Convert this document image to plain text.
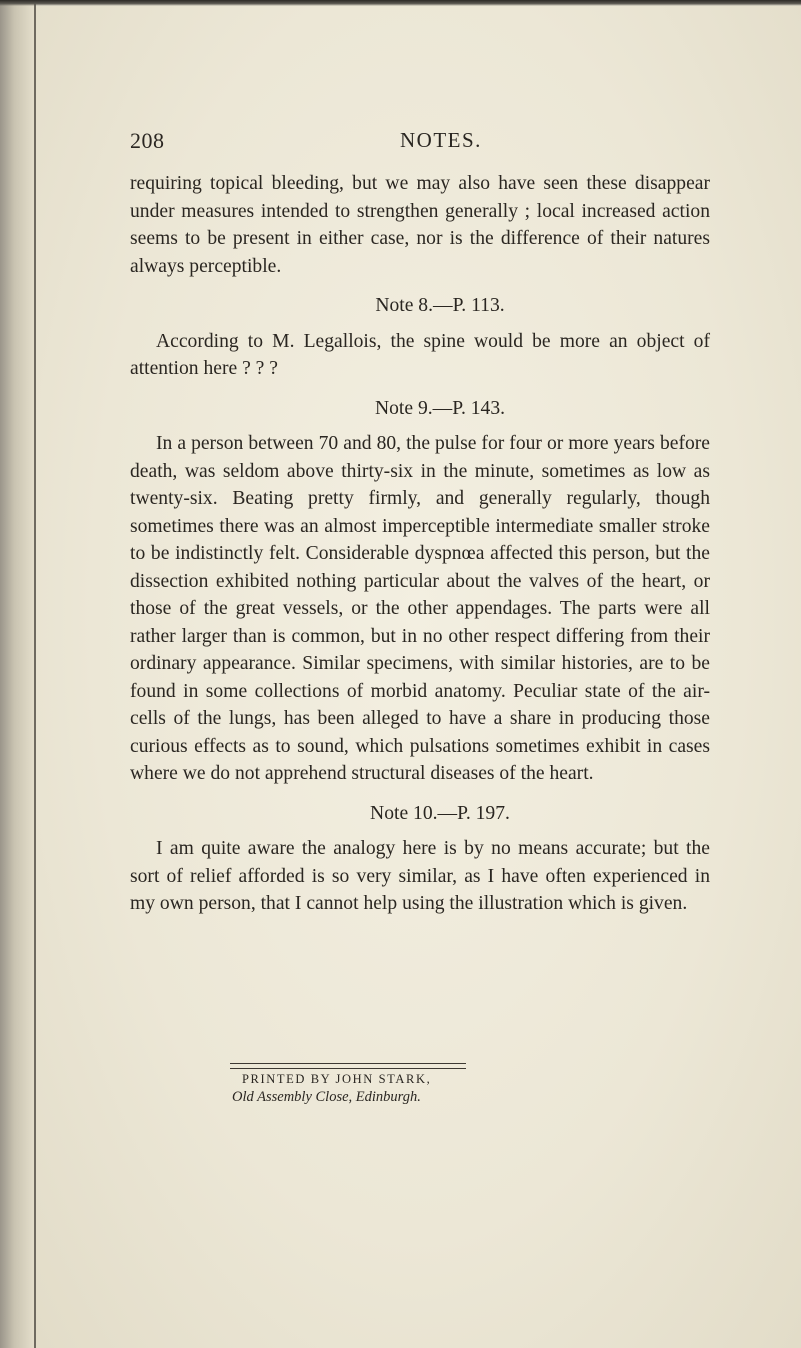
208	NOTES.

requiring topical bleeding, but we may also have seen these disappear under measures intended to strengthen generally ; local increased action seems to be present in either case, nor is the difference of their natures always perceptible.

Note 8.—P. 113.

According to M. Legallois, the spine would be more an object of attention here ? ? ?

Note 9.—P. 143.

In a person between 70 and 80, the pulse for four or more years before death, was seldom above thirty-six in the minute, sometimes as low as twenty-six. Beating pretty firmly, and generally regularly, though sometimes there was an almost imperceptible intermediate smaller stroke to be indistinctly felt. Considerable dyspnœa affected this person, but the dissection exhibited nothing particular about the valves of the heart, or those of the great vessels, or the other appendages. The parts were all rather larger than is common, but in no other respect differing from their ordinary appearance. Similar specimens, with similar histories, are to be found in some collections of morbid anatomy. Peculiar state of the air-cells of the lungs, has been alleged to have a share in producing those curious effects as to sound, which pulsations sometimes exhibit in cases where we do not apprehend structural diseases of the heart.

Note 10.—P. 197.

I am quite aware the analogy here is by no means accurate; but the sort of relief afforded is so very similar, as I have often experienced in my own person, that I cannot help using the illustration which is given.

PRINTED BY JOHN STARK,

Old Assembly Close, Edinburgh.
